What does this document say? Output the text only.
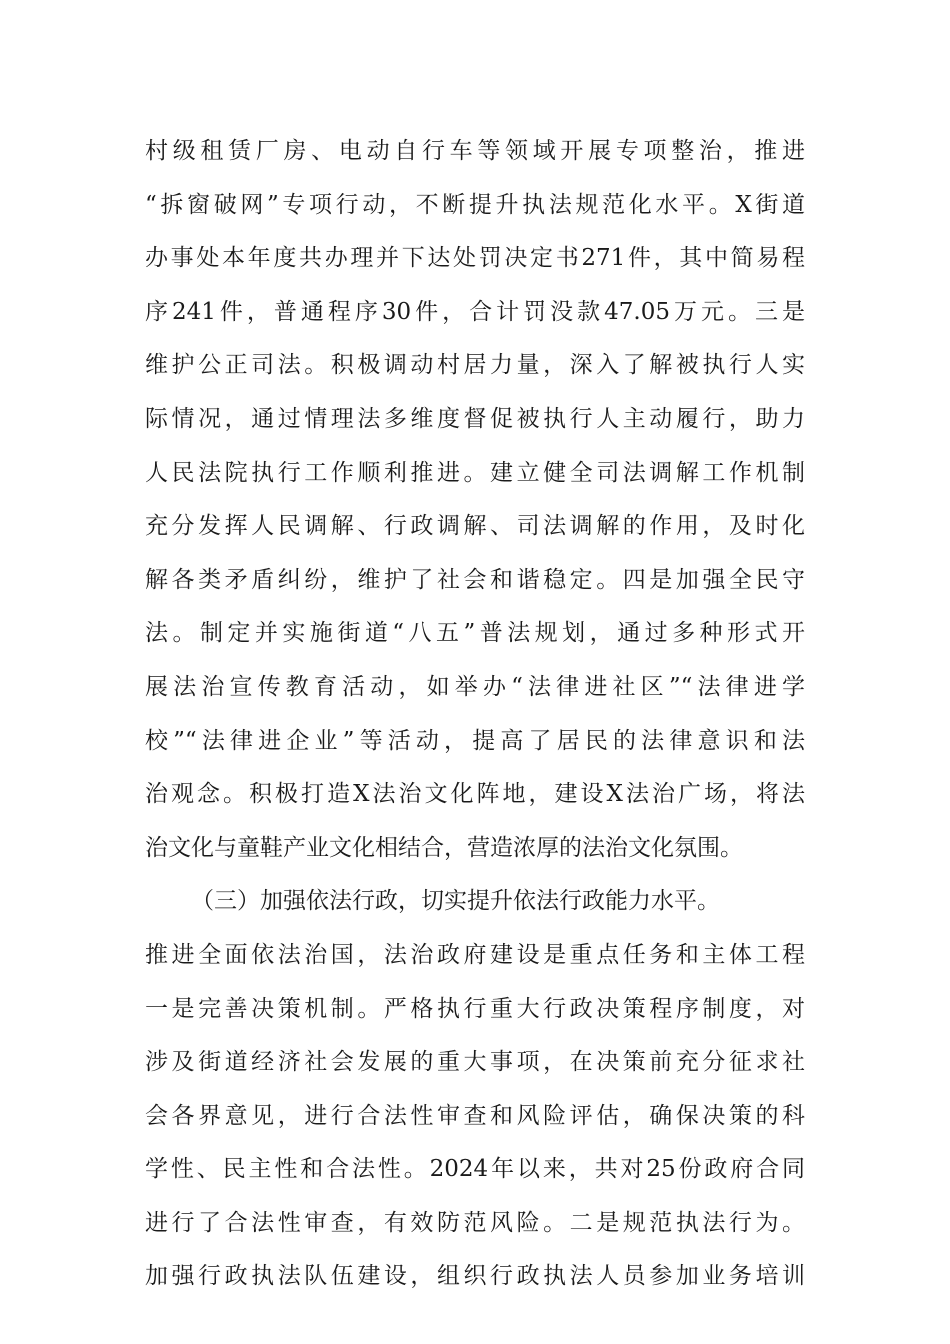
村级租赁厂房、电动自行车等领域开展专项整治，推进
“拆窗破网”专项行动，不断提升执法规范化水平。X街道
办事处本年度共办理并下达处罚决定书271件，其中简易程
序241件，普通程序30件，合计罚没款47.05万元。三是
维护公正司法。积极调动村居力量，深入了解被执行人实
际情况，通过情理法多维度督促被执行人主动履行，助力
人民法院执行工作顺利推进。建立健全司法调解工作机制
充分发挥人民调解、行政调解、司法调解的作用，及时化
解各类矛盾纠纷，维护了社会和谐稳定。四是加强全民守
法。制定并实施街道“八五”普法规划，通过多种形式开
展法治宣传教育活动，如举办“法律进社区”“法律进学
校”“法律进企业”等活动，提高了居民的法律意识和法
治观念。积极打造X法治文化阵地，建设X法治广场，将法
治文化与童鞋产业文化相结合，营造浓厚的法治文化氛围。
（三）加强依法行政，切实提升依法行政能力水平。
推进全面依法治国，法治政府建设是重点任务和主体工程
一是完善决策机制。严格执行重大行政决策程序制度，对
涉及街道经济社会发展的重大事项，在决策前充分征求社
会各界意见，进行合法性审查和风险评估，确保决策的科
学性、民主性和合法性。2024年以来，共对25份政府合同
进行了合法性审查，有效防范风险。二是规范执法行为。
加强行政执法队伍建设，组织行政执法人员参加业务培训
